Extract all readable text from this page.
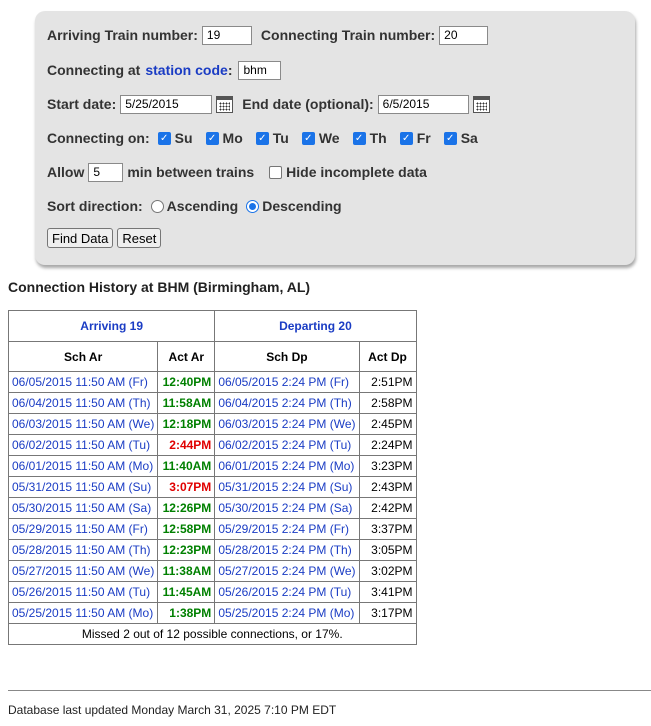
Arriving Train number:
19	Connecting Train number:
20
Connecting at station code :
bhm
Start date:
5/25/2015	End date (optional):
6/5/2015
Connecting on: ✓ Su ✓ Mo ✓ Tu ✓ We ✓ Th ✓ Fr ✓ Sa
Allow
5	min between trains Hide incomplete data
Sort direction: Ascending Descending
Find Data	Reset
Connection History at BHM (Birmingham, AL)
Arriving 19		Departing 20	
Sch Ar	Act Ar	Sch Dp	Act Dp
06/05/2015 11:50 AM (Fr)	12:40PM	06/05/2015 2:24 PM (Fr)	2:51PM
06/04/2015 11:50 AM (Th)	11:58AM	06/04/2015 2:24 PM (Th)	2:58PM
06/03/2015 11:50 AM (We)	12:18PM	06/03/2015 2:24 PM (We)	2:45PM
06/02/2015 11:50 AM (Tu)	2:44PM	06/02/2015 2:24 PM (Tu)	2:24PM
06/01/2015 11:50 AM (Mo)	11:40AM	06/01/2015 2:24 PM (Mo)	3:23PM
05/31/2015 11:50 AM (Su)	3:07PM	05/31/2015 2:24 PM (Su)	2:43PM
05/30/2015 11:50 AM (Sa)	12:26PM	05/30/2015 2:24 PM (Sa)	2:42PM
05/29/2015 11:50 AM (Fr)	12:58PM	05/29/2015 2:24 PM (Fr)	3:37PM
05/28/2015 11:50 AM (Th)	12:23PM	05/28/2015 2:24 PM (Th)	3:05PM
05/27/2015 11:50 AM (We)	11:38AM	05/27/2015 2:24 PM (We)	3:02PM
05/26/2015 11:50 AM (Tu)	11:45AM	05/26/2015 2:24 PM (Tu)	3:41PM
05/25/2015 11:50 AM (Mo)	1:38PM	05/25/2015 2:24 PM (Mo)	3:17PM
Missed 2 out of 12 possible connections, or 17%.			
Database last updated Monday March 31, 2025 7:10 PM EDT
